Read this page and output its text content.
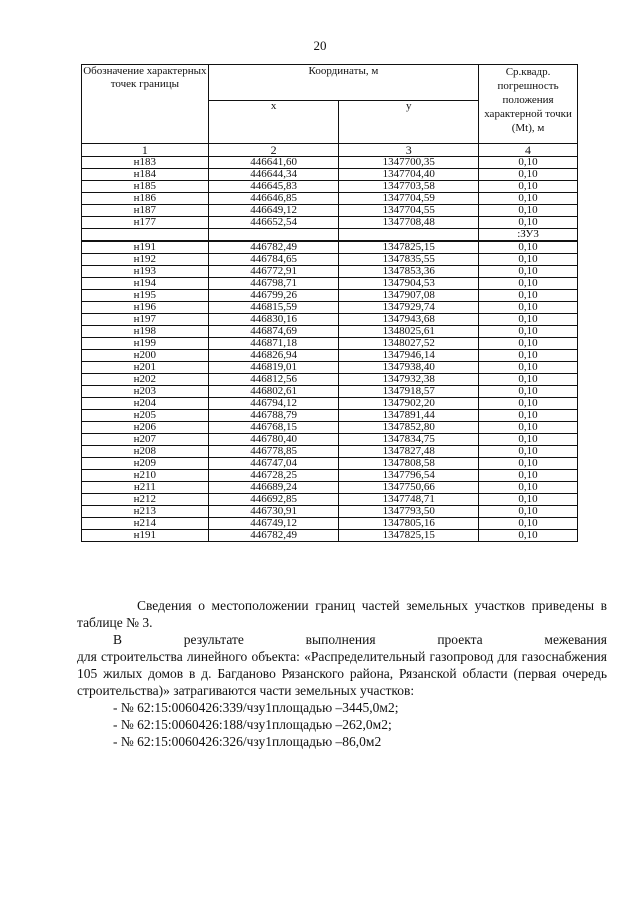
20
Обозначение характерных точек границы	Координаты, м		Ср.квадр. погрешность положения характерной точки (Mt), м
	x	y	
1	2	3	4
н183	446641,60	1347700,35	0,10
н184	446644,34	1347704,40	0,10
н185	446645,83	1347703,58	0,10
н186	446646,85	1347704,59	0,10
н187	446649,12	1347704,55	0,10
н177	446652,54	1347708,48	0,10
			:ЗУ3
н191	446782,49	1347825,15	0,10
н192	446784,65	1347835,55	0,10
н193	446772,91	1347853,36	0,10
н194	446798,71	1347904,53	0,10
н195	446799,26	1347907,08	0,10
н196	446815,59	1347929,74	0,10
н197	446830,16	1347943,68	0,10
н198	446874,69	1348025,61	0,10
н199	446871,18	1348027,52	0,10
н200	446826,94	1347946,14	0,10
н201	446819,01	1347938,40	0,10
н202	446812,56	1347932,38	0,10
н203	446802,61	1347918,57	0,10
н204	446794,12	1347902,20	0,10
н205	446788,79	1347891,44	0,10
н206	446768,15	1347852,80	0,10
н207	446780,40	1347834,75	0,10
н208	446778,85	1347827,48	0,10
н209	446747,04	1347808,58	0,10
н210	446728,25	1347796,54	0,10
н211	446689,24	1347750,66	0,10
н212	446692,85	1347748,71	0,10
н213	446730,91	1347793,50	0,10
н214	446749,12	1347805,16	0,10
н191	446782,49	1347825,15	0,10

Сведения о местоположении границ частей земельных участков приведены в таблице № 3.

В	результате	выполнения	проекта	межевания

для строительства линейного объекта: «Распределительный газопровод для газоснабжения 105 жилых домов в д. Багданово Рязанского района, Рязанской области (первая очередь строительства)» затрагиваются части земельных участков:

- № 62:15:0060426:339/чзу1площадью –3445,0м2;
- № 62:15:0060426:188/чзу1площадью –262,0м2;
- № 62:15:0060426:326/чзу1площадью –86,0м2
